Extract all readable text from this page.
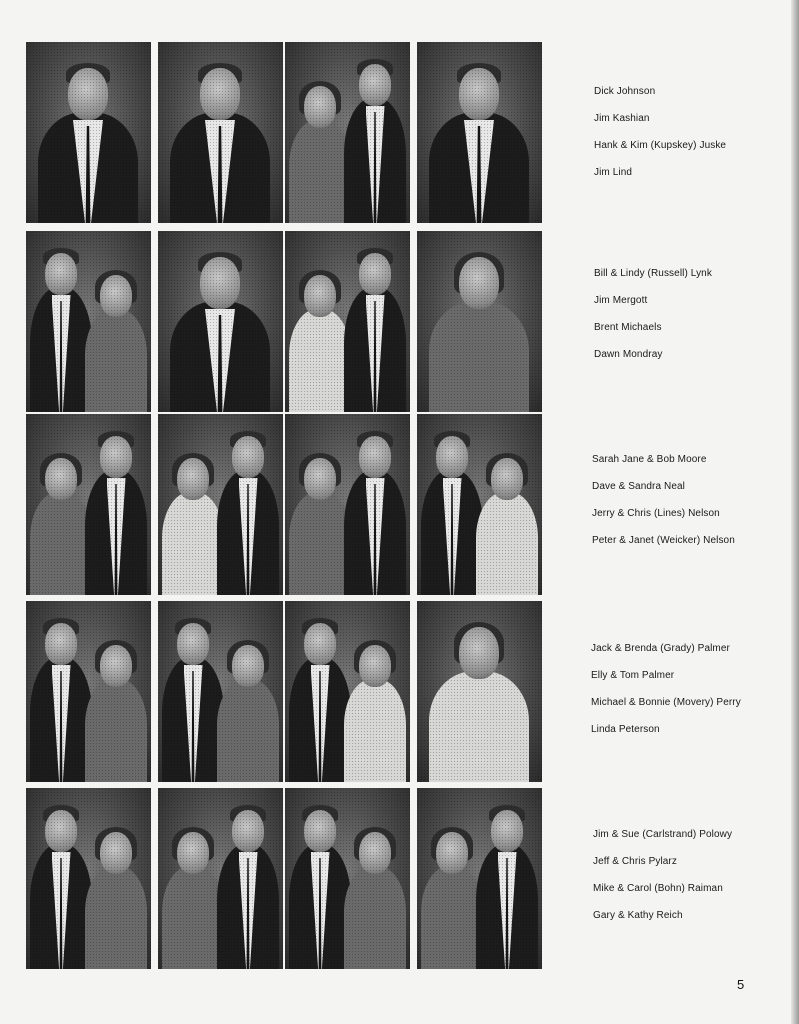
Dick Johnson
Jim Kashian
Hank & Kim (Kupskey) Juske
Jim Lind
Bill & Lindy (Russell) Lynk
Jim Mergott
Brent Michaels
Dawn Mondray
Sarah Jane & Bob Moore
Dave & Sandra Neal
Jerry & Chris (Lines) Nelson
Peter & Janet (Weicker) Nelson
Jack & Brenda (Grady) Palmer
Elly & Tom Palmer
Michael & Bonnie (Movery) Perry
Linda Peterson
Jim & Sue (Carlstrand) Polowy
Jeff & Chris Pylarz
Mike & Carol (Bohn) Raiman
Gary & Kathy Reich
5
